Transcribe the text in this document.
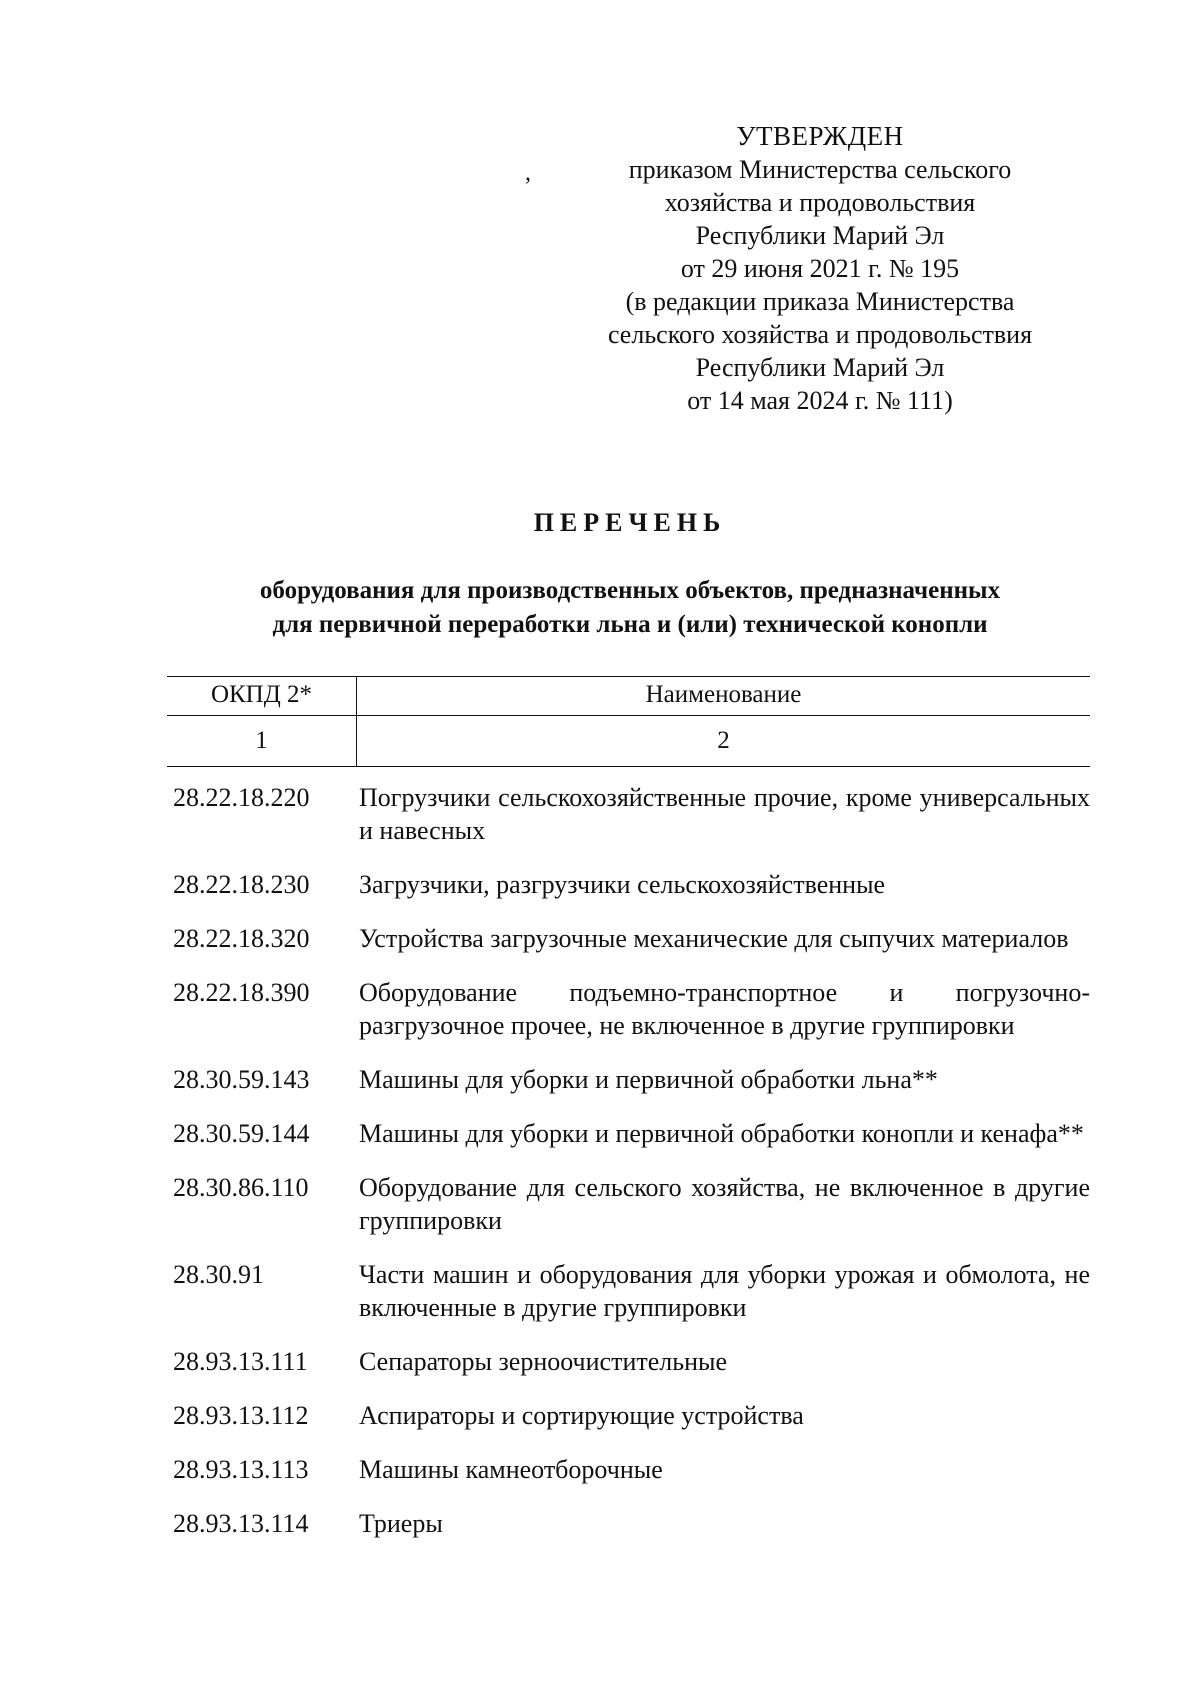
УТВЕРЖДЕН
приказом Министерства сельского
хозяйства и продовольствия
Республики Марий Эл
от 29 июня 2021 г. № 195
(в редакции приказа Министерства
сельского хозяйства и продовольствия
Республики Марий Эл
от 14 мая 2024 г. № 111)
,
ПЕРЕЧЕНЬ
оборудования для производственных объектов, предназначенных
для первичной переработки льна и (или) технической конопли
ОКПД 2*	Наименование
1	2
28.22.18.220	Погрузчики сельскохозяйственные прочие, кроме универсальных и навесных
28.22.18.230	Загрузчики, разгрузчики сельскохозяйственные
28.22.18.320	Устройства загрузочные механические для сыпучих материалов
28.22.18.390	Оборудование подъемно-транспортное и погрузочно-разгрузочное прочее, не включенное в другие группировки
28.30.59.143	Машины для уборки и первичной обработки льна**
28.30.59.144	Машины для уборки и первичной обработки конопли и кенафа**
28.30.86.110	Оборудование для сельского хозяйства, не включенное в другие группировки
28.30.91	Части машин и оборудования для уборки урожая и обмолота, не включенные в другие группировки
28.93.13.111	Сепараторы зерноочистительные
28.93.13.112	Аспираторы и сортирующие устройства
28.93.13.113	Машины камнеотборочные
28.93.13.114	Триеры
